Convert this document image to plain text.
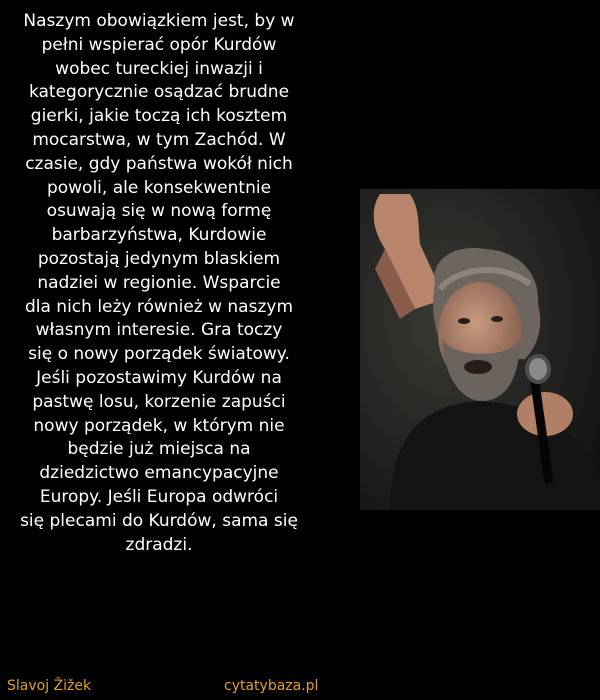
Naszym obowiązkiem jest, by w
pełni wspierać opór Kurdów
wobec tureckiej inwazji i
kategorycznie osądzać brudne
gierki, jakie toczą ich kosztem
mocarstwa, w tym Zachód. W
czasie, gdy państwa wokół nich
powoli, ale konsekwentnie
osuwają się w nową formę
barbarzyństwa, Kurdowie
pozostają jedynym blaskiem
nadziei w regionie. Wsparcie
dla nich leży również w naszym
własnym interesie. Gra toczy
się o nowy porządek światowy.
Jeśli pozostawimy Kurdów na
pastwę losu, korzenie zapuści
nowy porządek, w którym nie
będzie już miejsca na
dziedzictwo emancypacyjne
Europy. Jeśli Europa odwróci
się plecami do Kurdów, sama się
zdradzi.

Slavoj Žižek	cytatybaza.pl
